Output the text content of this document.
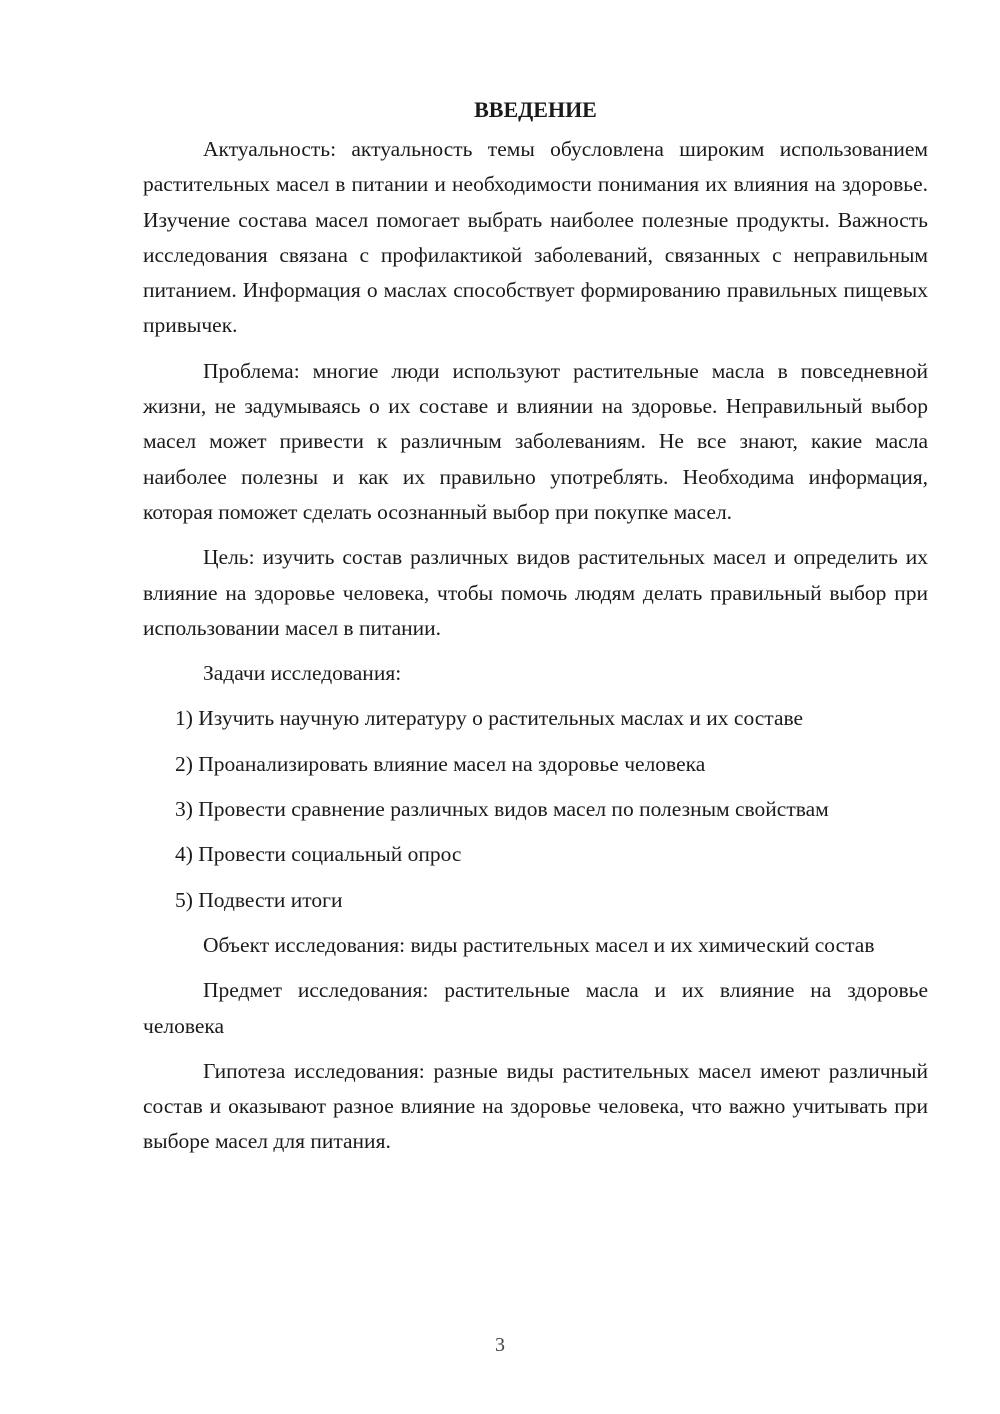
ВВЕДЕНИЕ

Актуальность: актуальность темы обусловлена широким использованием растительных масел в питании и необходимости понимания их влияния на здоровье. Изучение состава масел помогает выбрать наиболее полезные продукты. Важность исследования связана с профилактикой заболеваний, связанных с неправильным питанием. Информация о маслах способствует формированию правильных пищевых привычек.

Проблема: многие люди используют растительные масла в повседневной жизни, не задумываясь о их составе и влиянии на здоровье. Неправильный выбор масел может привести к различным заболеваниям. Не все знают, какие масла наиболее полезны и как их правильно употреблять. Необходима информация, которая поможет сделать осознанный выбор при покупке масел.

Цель: изучить состав различных видов растительных масел и определить их влияние на здоровье человека, чтобы помочь людям делать правильный выбор при использовании масел в питании.

Задачи исследования:

1) Изучить научную литературу о растительных маслах и их составе
2) Проанализировать влияние масел на здоровье человека
3) Провести сравнение различных видов масел по полезным свойствам
4) Провести социальный опрос
5) Подвести итоги

Объект исследования: виды растительных масел и их химический состав

Предмет исследования: растительные масла и их влияние на здоровье человека

Гипотеза исследования: разные виды растительных масел имеют различный состав и оказывают разное влияние на здоровье человека, что важно учитывать при выборе масел для питания.

3
